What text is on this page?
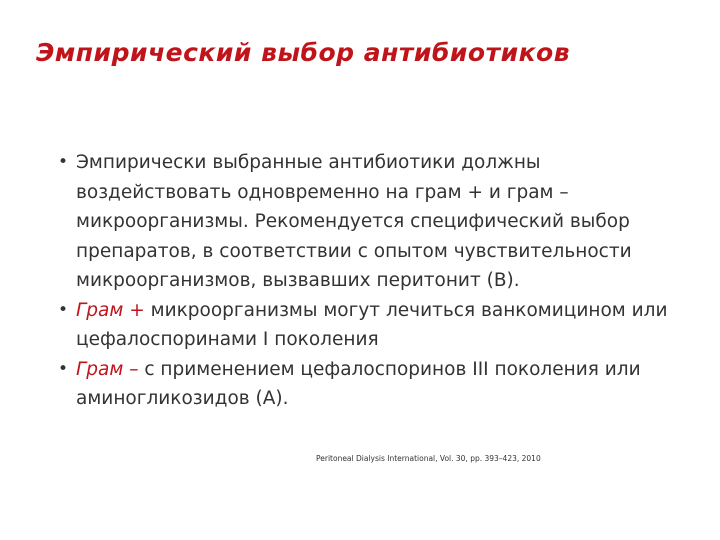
Эмпирический выбор антибиотиков
• Эмпирически выбранные антибиотики должны воздействовать одновременно на грам + и грам – микроорганизмы. Рекомендуется специфический выбор препаратов, в соответствии с опытом чувствительности микроорганизмов, вызвавших перитонит (В).
• Грам + микроорганизмы могут лечиться ванкомицином или цефалоспоринами I поколения
• Грам – с применением цефалоспоринов III поколения или аминогликозидов (А).
Peritoneal Dialysis International, Vol. 30, pp. 393–423, 2010
